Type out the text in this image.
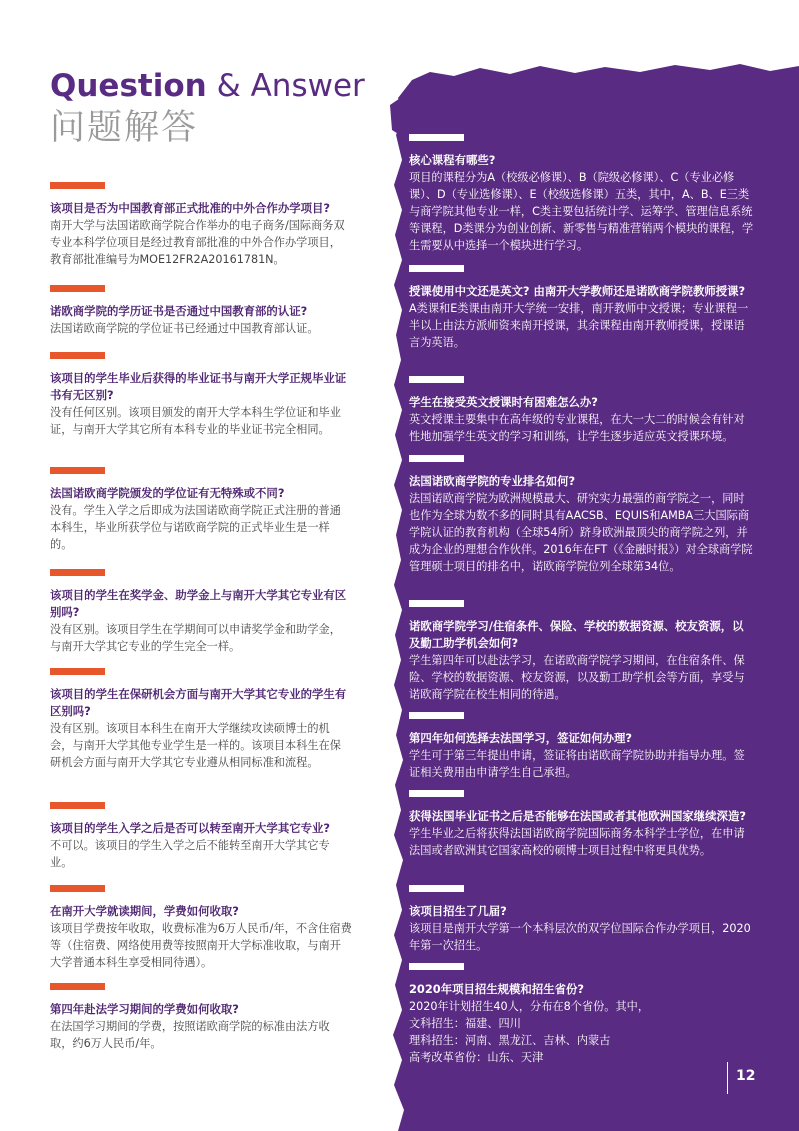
Question & Answer
问题解答

该项目是否为中国教育部正式批准的中外合作办学项目?

南开大学与法国诺欧商学院合作举办的电子商务/国际商务双专业本科学位项目是经过教育部批准的中外合作办学项目，教育部批准编号为MOE12FR2A20161781N。

诺欧商学院的学历证书是否通过中国教育部的认证?

法国诺欧商学院的学位证书已经通过中国教育部认证。

该项目的学生毕业后获得的毕业证书与南开大学正规毕业证书有无区别?

没有任何区别。该项目颁发的南开大学本科生学位证和毕业证，与南开大学其它所有本科专业的毕业证书完全相同。

法国诺欧商学院颁发的学位证有无特殊或不同?

没有。学生入学之后即成为法国诺欧商学院正式注册的普通本科生，毕业所获学位与诺欧商学院的正式毕业生是一样的。

该项目的学生在奖学金、助学金上与南开大学其它专业有区别吗?

没有区别。该项目学生在学期间可以申请奖学金和助学金，与南开大学其它专业的学生完全一样。

该项目的学生在保研机会方面与南开大学其它专业的学生有区别吗?

没有区别。该项目本科生在南开大学继续攻读硕博士的机会，与南开大学其他专业学生是一样的。该项目本科生在保研机会方面与南开大学其它专业遵从相同标准和流程。

该项目的学生入学之后是否可以转至南开大学其它专业?

不可以。该项目的学生入学之后不能转至南开大学其它专业。

在南开大学就读期间，学费如何收取?

该项目学费按年收取，收费标准为6万人民币/年，不含住宿费等（住宿费、网络使用费等按照南开大学标准收取，与南开大学普通本科生享受相同待遇）。

第四年赴法学习期间的学费如何收取?

在法国学习期间的学费，按照诺欧商学院的标准由法方收取，约6万人民币/年。

核心课程有哪些?

项目的课程分为A（校级必修课）、B（院级必修课）、C（专业必修课）、D（专业选修课）、E（校级选修课）五类，其中，A、B、E三类与商学院其他专业一样，C类主要包括统计学、运筹学、管理信息系统等课程，D类课分为创业创新、新零售与精准营销两个模块的课程，学生需要从中选择一个模块进行学习。

授课使用中文还是英文? 由南开大学教师还是诺欧商学院教师授课?

A类课和E类课由南开大学统一安排，南开教师中文授课；专业课程一半以上由法方派师资来南开授课，其余课程由南开教师授课，授课语言为英语。

学生在接受英文授课时有困难怎么办?

英文授课主要集中在高年级的专业课程，在大一大二的时候会有针对性地加强学生英文的学习和训练，让学生逐步适应英文授课环境。

法国诺欧商学院的专业排名如何?

法国诺欧商学院为欧洲规模最大、研究实力最强的商学院之一，同时也作为全球为数不多的同时具有AACSB、EQUIS和AMBA三大国际商学院认证的教育机构（全球54所）跻身欧洲最顶尖的商学院之列，并成为企业的理想合作伙伴。2016年在FT（《金融时报》）对全球商学院管理硕士项目的排名中，诺欧商学院位列全球第34位。

诺欧商学院学习/住宿条件、保险、学校的数据资源、校友资源，以及勤工助学机会如何?

学生第四年可以赴法学习，在诺欧商学院学习期间，在住宿条件、保险、学校的数据资源、校友资源，以及勤工助学机会等方面，享受与诺欧商学院在校生相同的待遇。

第四年如何选择去法国学习，签证如何办理?

学生可于第三年提出申请，签证将由诺欧商学院协助并指导办理。签证相关费用由申请学生自己承担。

获得法国毕业证书之后是否能够在法国或者其他欧洲国家继续深造?

学生毕业之后将获得法国诺欧商学院国际商务本科学士学位，在申请法国或者欧洲其它国家高校的硕博士项目过程中将更具优势。

该项目招生了几届?

该项目是南开大学第一个本科层次的双学位国际合作办学项目，2020年第一次招生。

2020年项目招生规模和招生省份?

2020年计划招生40人，分布在8个省份。其中，

文科招生：福建、四川

理科招生：河南、黑龙江、吉林、内蒙古

高考改革省份：山东、天津

12
